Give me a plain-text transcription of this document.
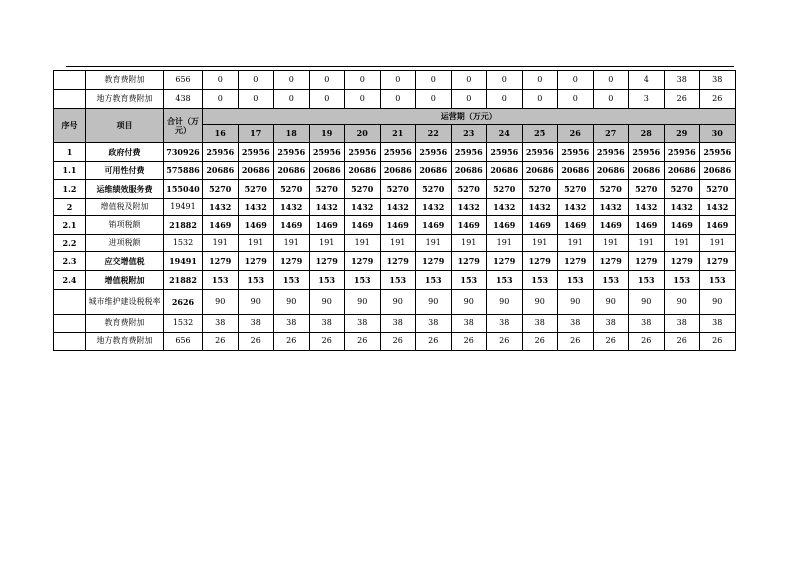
	教育费附加	656	0	0	0	0	0	0	0	0	0	0	0	0	4	38	38
	地方教育费附加	438	0	0	0	0	0	0	0	0	0	0	0	0	3	26	26
序号	项目	合计（万元）	运营期（万元）														
			16	17	18	19	20	21	22	23	24	25	26	27	28	29	30
1	政府付费	730926	25956	25956	25956	25956	25956	25956	25956	25956	25956	25956	25956	25956	25956	25956	25956
1.1	可用性付费	575886	20686	20686	20686	20686	20686	20686	20686	20686	20686	20686	20686	20686	20686	20686	20686
1.2	运维绩效服务费	155040	5270	5270	5270	5270	5270	5270	5270	5270	5270	5270	5270	5270	5270	5270	5270
2	增值税及附加	19491	1432	1432	1432	1432	1432	1432	1432	1432	1432	1432	1432	1432	1432	1432	1432
2.1	销项税额	21882	1469	1469	1469	1469	1469	1469	1469	1469	1469	1469	1469	1469	1469	1469	1469
2.2	进项税额	1532	191	191	191	191	191	191	191	191	191	191	191	191	191	191	191
2.3	应交增值税	19491	1279	1279	1279	1279	1279	1279	1279	1279	1279	1279	1279	1279	1279	1279	1279
2.4	增值税附加	21882	153	153	153	153	153	153	153	153	153	153	153	153	153	153	153
	城市维护建设税税率	2626	90	90	90	90	90	90	90	90	90	90	90	90	90	90	90
	教育费附加	1532	38	38	38	38	38	38	38	38	38	38	38	38	38	38	38
	地方教育费附加	656	26	26	26	26	26	26	26	26	26	26	26	26	26	26	26
